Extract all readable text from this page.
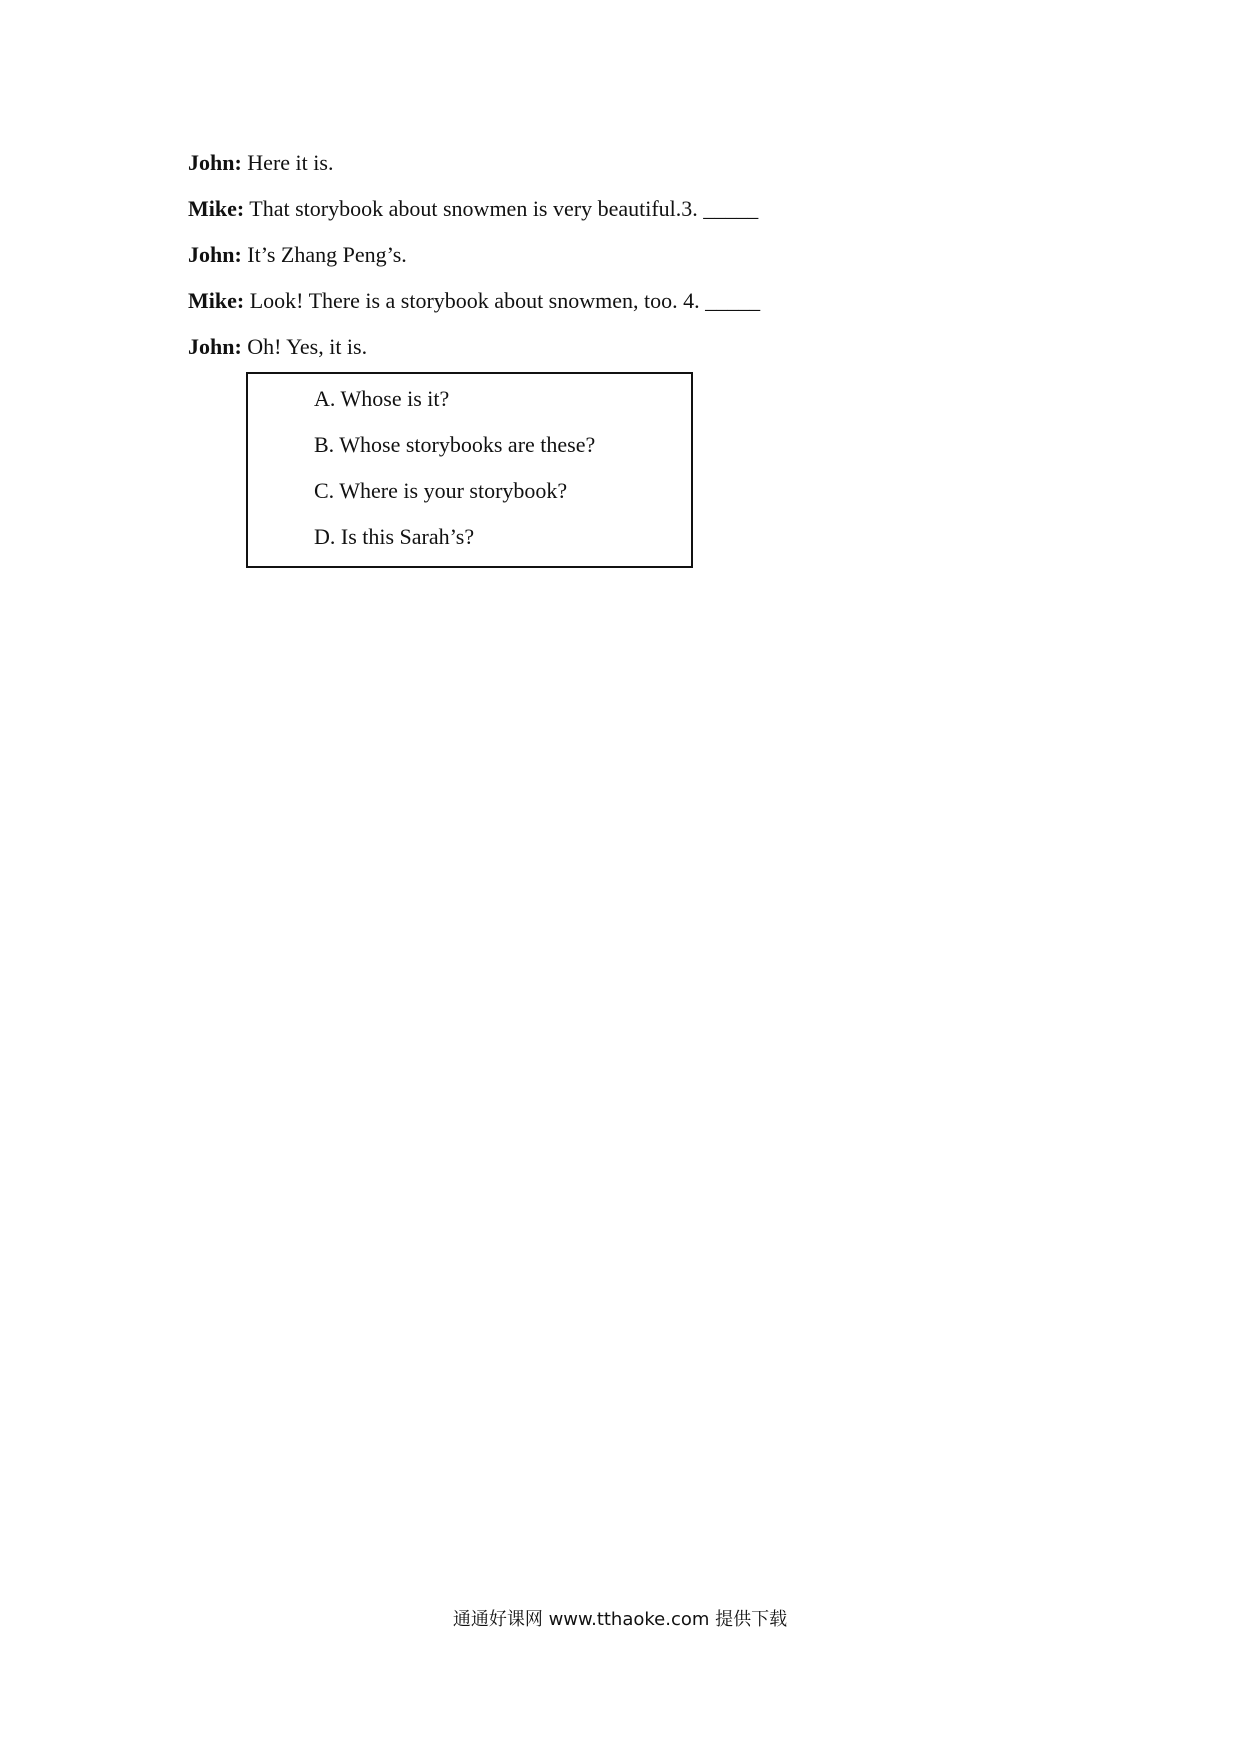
John: Here it is.
Mike: That storybook about snowmen is very beautiful.3. _____
John: It’s Zhang Peng’s.
Mike: Look! There is a storybook about snowmen, too. 4. _____
John: Oh! Yes, it is.
A. Whose is it?
B. Whose storybooks are these?
C. Where is your storybook?
D. Is this Sarah’s?
通通好课网 www.tthaoke.com 提供下载
